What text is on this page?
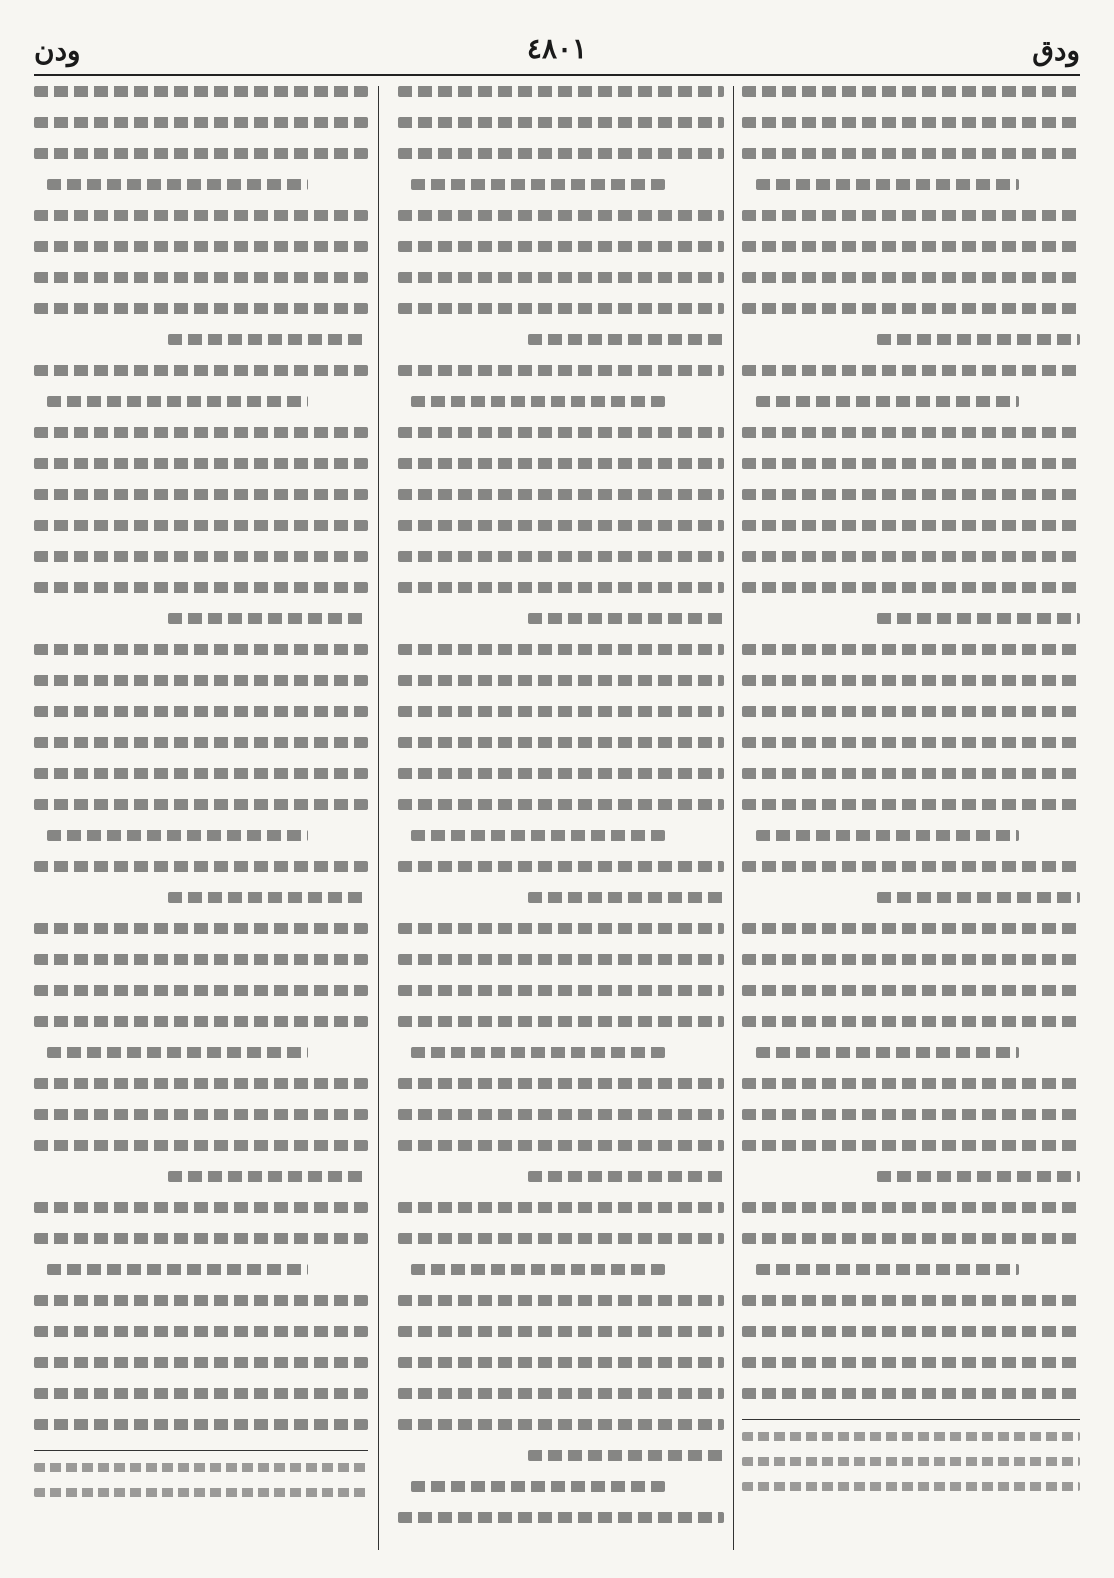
ودق
٤٨٠١
ودن
